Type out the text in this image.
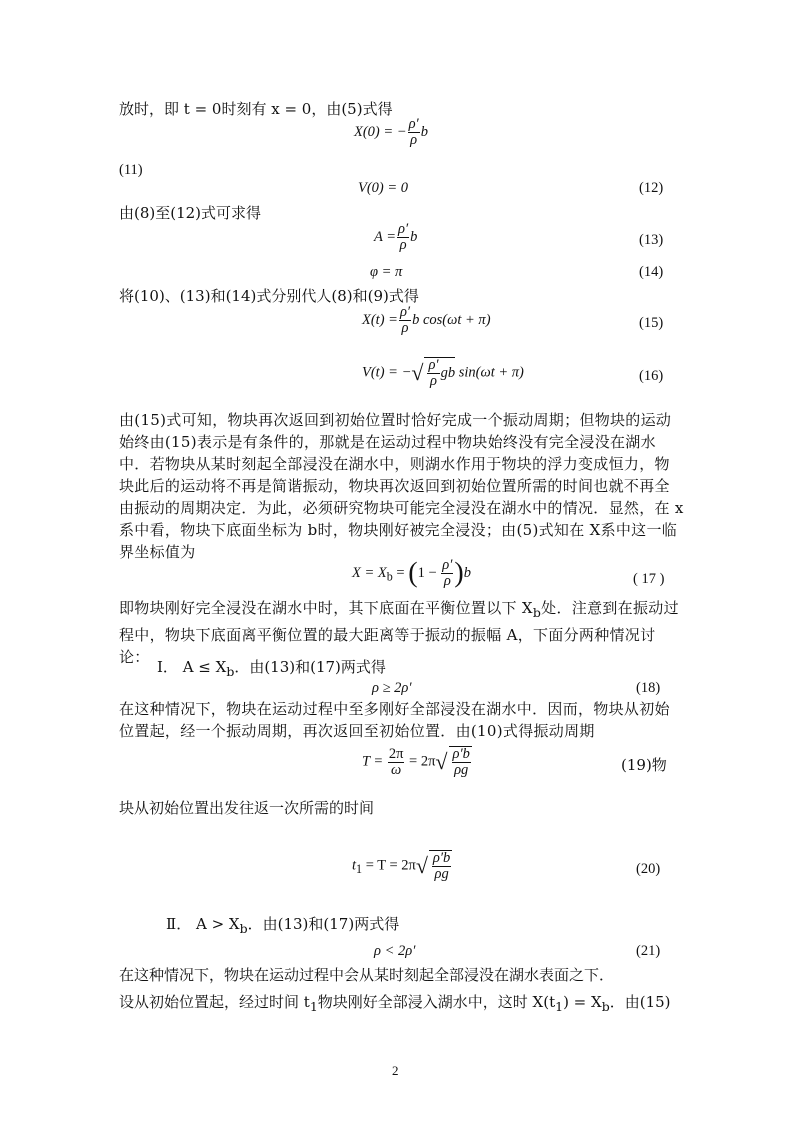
放时，即 t = 0时刻有 x = 0，由(5)式得
X(0) = − $\frac{\rho'}{\rho}$ b
(11)
V(0) = 0	(12)
由(8)至(12)式可求得
$A = \frac{\rho'}{\rho}$ b	(13)
φ = π	(14)
将(10)、(13)和(14)式分别代人(8)和(9)式得
$X(t) = \frac{\rho'}{\rho}$ b cos(ωt + π)	(15)
V(t) = −√ $\frac{\rho'}{\rho}$ gb sin(ωt + π)	(16)
由(15)式可知，物块再次返回到初始位置时恰好完成一个振动周期；但物块的运动始终由(15)表示是有条件的，那就是在运动过程中物块始终没有完全浸没在湖水中．若物块从某时刻起全部浸没在湖水中，则湖水作用于物块的浮力变成恒力，物块此后的运动将不再是简谐振动，物块再次返回到初始位置所需的时间也就不再全由振动的周期决定．为此，必须研究物块可能完全浸没在湖水中的情况．显然，在 x系中看，物块下底面坐标为 b时，物块刚好被完全浸没；由(5)式知在 X系中这一临界坐标值为
$X = X_b = (1 - \frac{\rho'}{\rho} )b$	( 17 )
即物块刚好完全浸没在湖水中时，其下底面在平衡位置以下 $X_b$处．注意到在振动过程中，物块下底面离平衡位置的最大距离等于振动的振幅 A，下面分两种情况讨论：
Ⅰ． $A \le X_b$．由(13)和(17)两式得
ρ ≥ 2ρ′	(18)
在这种情况下，物块在运动过程中至多刚好全部浸没在湖水中．因而，物块从初始位置起，经一个振动周期，再次返回至初始位置．由(10)式得振动周期
$T = \frac{2\pi}{\omega} = 2\pi√ \frac{\rho'b}{\rho g}$	(19)物
块从初始位置出发往返一次所需的时间
$t_1 = T = 2\pi√ \frac{\rho'b}{\rho g}$	(20)
Ⅱ． $A > X_b$．由(13)和(17)两式得
ρ < 2ρ′	(21)
在这种情况下，物块在运动过程中会从某时刻起全部浸没在湖水表面之下．
设从初始位置起，经过时间 $t_1$物块刚好全部浸入湖水中，这时 $X(t_1) = X_b$．由(15)
2
